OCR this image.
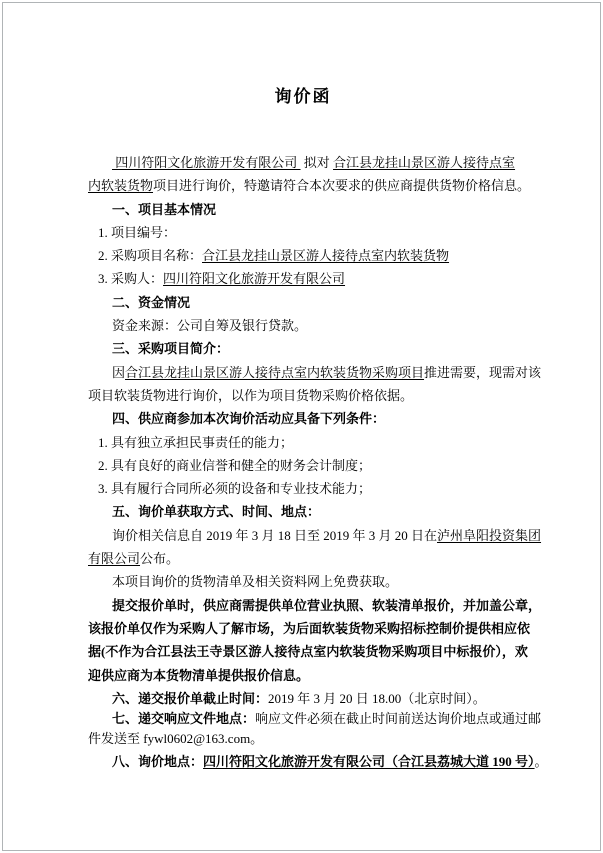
询价函
四川符阳文化旅游开发有限公司  拟对 合江县龙挂山景区游人接待点室
内软装货物项目进行询价，特邀请符合本次要求的供应商提供货物价格信息。
一、项目基本情况
1. 项目编号：
2. 采购项目名称：合江县龙挂山景区游人接待点室内软装货物
3. 采购人：四川符阳文化旅游开发有限公司
二、资金情况
资金来源：公司自筹及银行贷款。
三、采购项目简介：
因合江县龙挂山景区游人接待点室内软装货物采购项目推进需要，现需对该
项目软装货物进行询价，以作为项目货物采购价格依据。
四、供应商参加本次询价活动应具备下列条件：
1. 具有独立承担民事责任的能力；
2. 具有良好的商业信誉和健全的财务会计制度；
3. 具有履行合同所必须的设备和专业技术能力；
五、询价单获取方式、时间、地点：
询价相关信息自 2019 年 3 月 18 日至 2019 年 3 月 20 日在泸州阜阳投资集团
有限公司公布。
本项目询价的货物清单及相关资料网上免费获取。
提交报价单时，供应商需提供单位营业执照、软装清单报价，并加盖公章，
该报价单仅作为采购人了解市场，为后面软装货物采购招标控制价提供相应依
据(不作为合江县法王寺景区游人接待点室内软装货物采购项目中标报价），欢
迎供应商为本货物清单提供报价信息。
六、递交报价单截止时间：2019 年 3 月 20 日 18.00（北京时间）。
七、递交响应文件地点：响应文件必须在截止时间前送达询价地点或通过邮
件发送至 fywl0602@163.com。
八、询价地点：四川符阳文化旅游开发有限公司（合江县荔城大道 190 号）。
